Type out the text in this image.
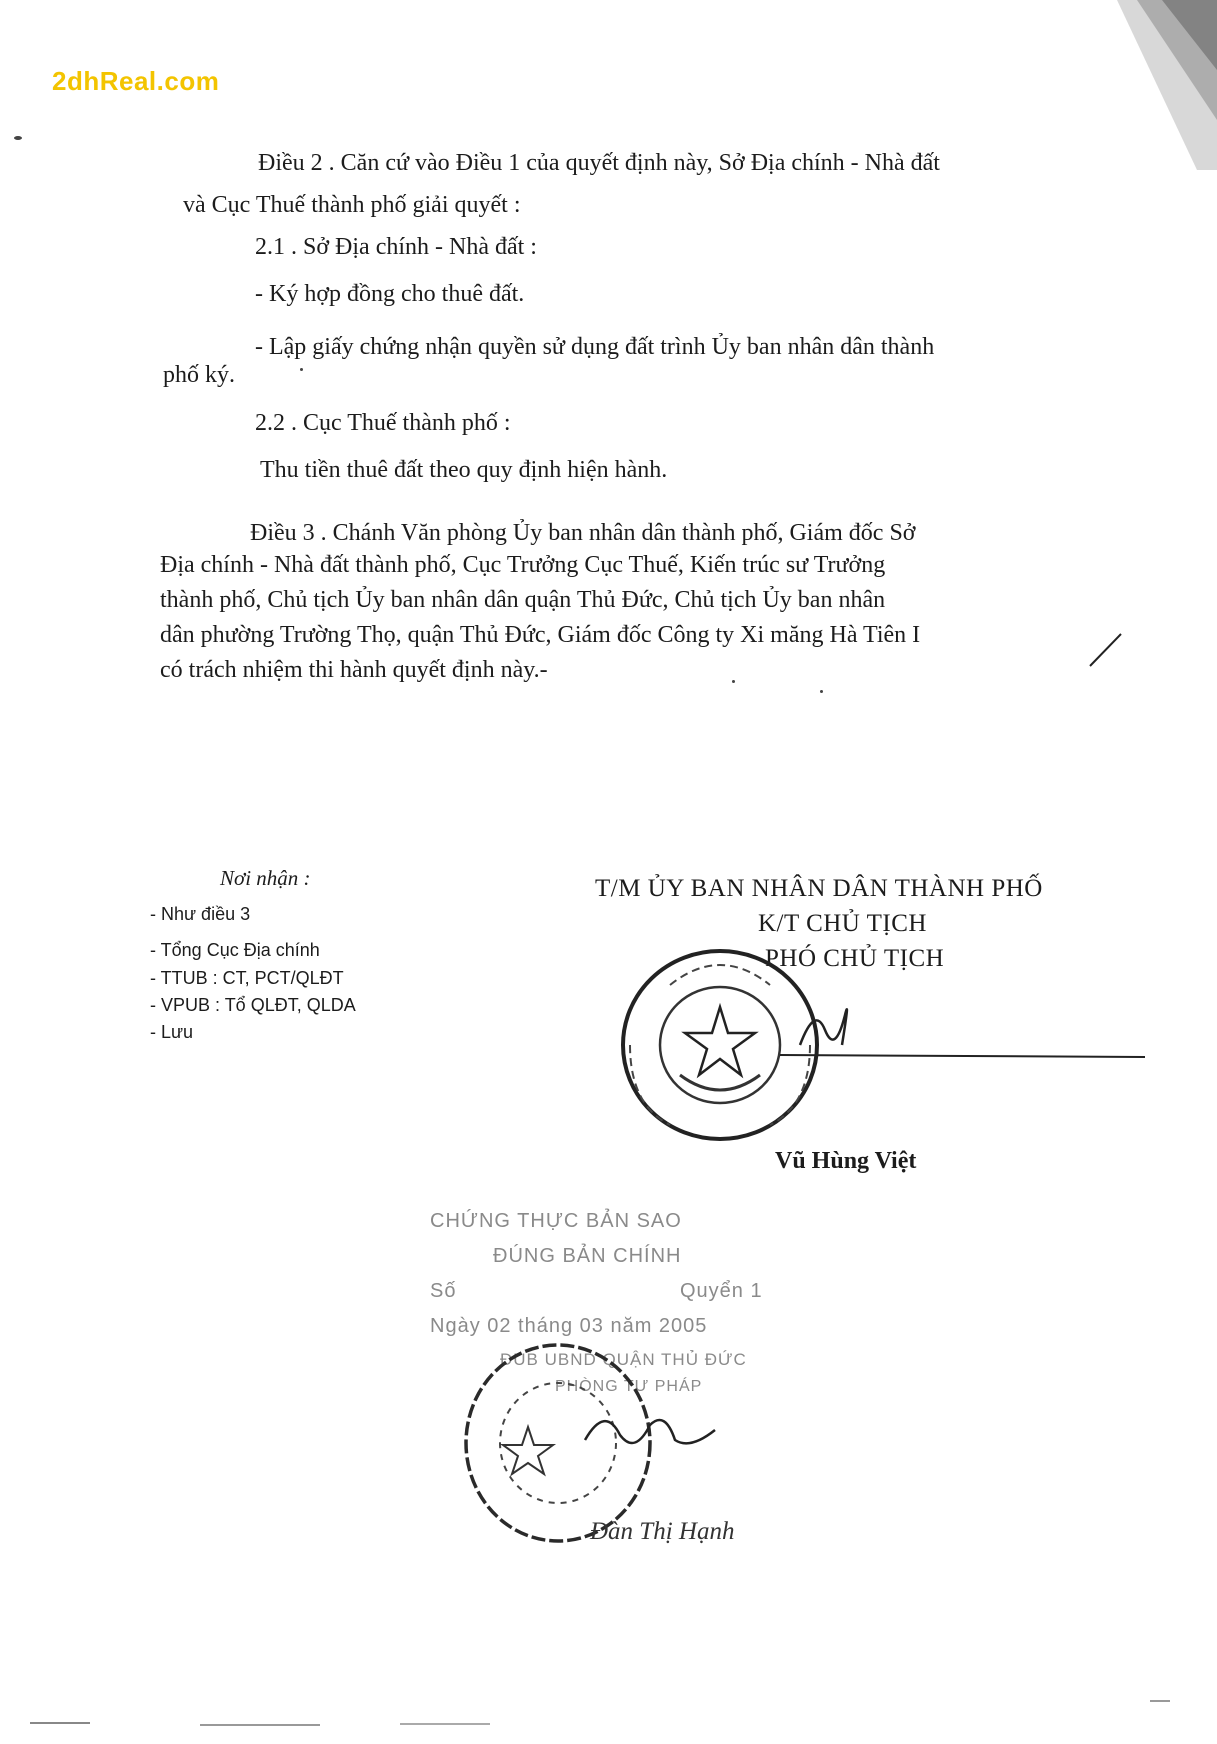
2dhReal.com
Điều 2 . Căn cứ vào Điều 1 của quyết định này, Sở Địa chính - Nhà đất
và Cục Thuế thành phố giải quyết :
2.1 . Sở Địa chính - Nhà đất :
- Ký hợp đồng cho thuê đất.
- Lập giấy chứng nhận quyền sử dụng đất trình Ủy ban nhân dân thành
phố ký.
2.2 . Cục Thuế thành phố :
Thu tiền thuê đất theo quy định hiện hành.
Điều 3 . Chánh Văn phòng Ủy ban nhân dân thành phố, Giám đốc Sở
Địa chính - Nhà đất thành phố, Cục Trưởng Cục Thuế, Kiến trúc sư Trưởng
thành phố, Chủ tịch Ủy ban nhân dân quận Thủ Đức, Chủ tịch Ủy ban nhân
dân phường Trường Thọ, quận Thủ Đức, Giám đốc Công ty Xi măng Hà Tiên I
có trách nhiệm thi hành quyết định này.-
Nơi nhận :
- Như điều 3
- Tổng Cục Địa chính
- TTUB : CT, PCT/QLĐT
- VPUB : Tổ QLĐT, QLDA
- Lưu
T/M ỦY BAN NHÂN DÂN THÀNH PHỐ
K/T CHỦ TỊCH
PHÓ CHỦ TỊCH
Vũ Hùng Việt
CHỨNG THỰC BẢN SAO
ĐÚNG BẢN CHÍNH
Số	Quyển 1
Ngày 02 tháng 03 năm 2005
ĐUB UBND QUẬN THỦ ĐỨC
PHÒNG TƯ PHÁP
Đàn Thị Hạnh
